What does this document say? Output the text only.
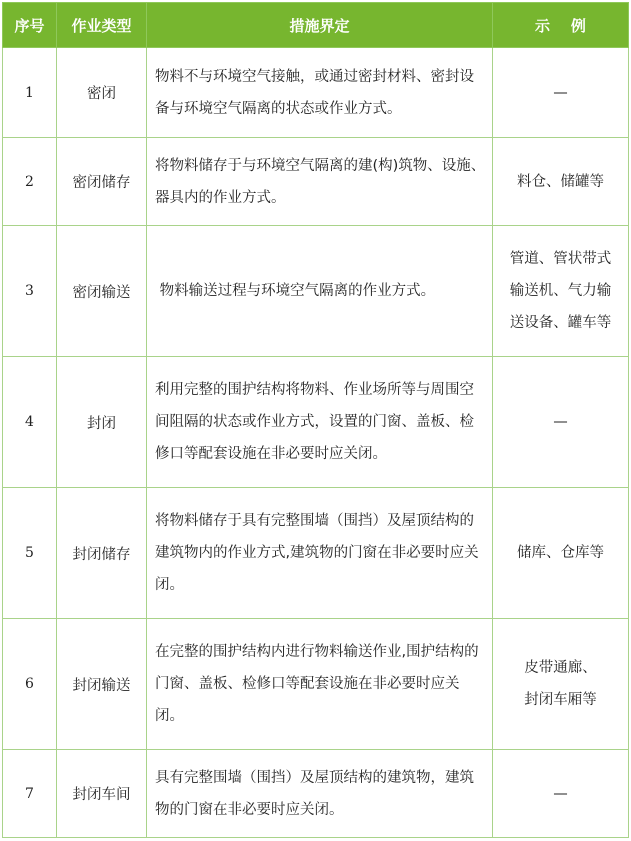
序号	作业类型	措施界定	示    例
1	密闭	物料不与环境空气接触，或通过密封材料、密封设备与环境空气隔离的状态或作业方式。	—

2	密闭储存	将物料储存于与环境空气隔离的建(构)筑物、设施、器具内的作业方式。	料仓、储罐等

3	密闭输送	物料输送过程与环境空气隔离的作业方式。	管道、管状带式
输送机、气力输
送设备、罐车等

4	封闭	利用完整的围护结构将物料、作业场所等与周围空间阻隔的状态或作业方式，设置的门窗、盖板、检修口等配套设施在非必要时应关闭。	—

5	封闭储存	将物料储存于具有完整围墙（围挡）及屋顶结构的建筑物内的作业方式,建筑物的门窗在非必要时应关闭。	储库、仓库等

6	封闭输送	在完整的围护结构内进行物料输送作业,围护结构的门窗、盖板、检修口等配套设施在非必要时应关闭。	皮带通廊、
封闭车厢等

7	封闭车间	具有完整围墙（围挡）及屋顶结构的建筑物，建筑物的门窗在非必要时应关闭。	—
